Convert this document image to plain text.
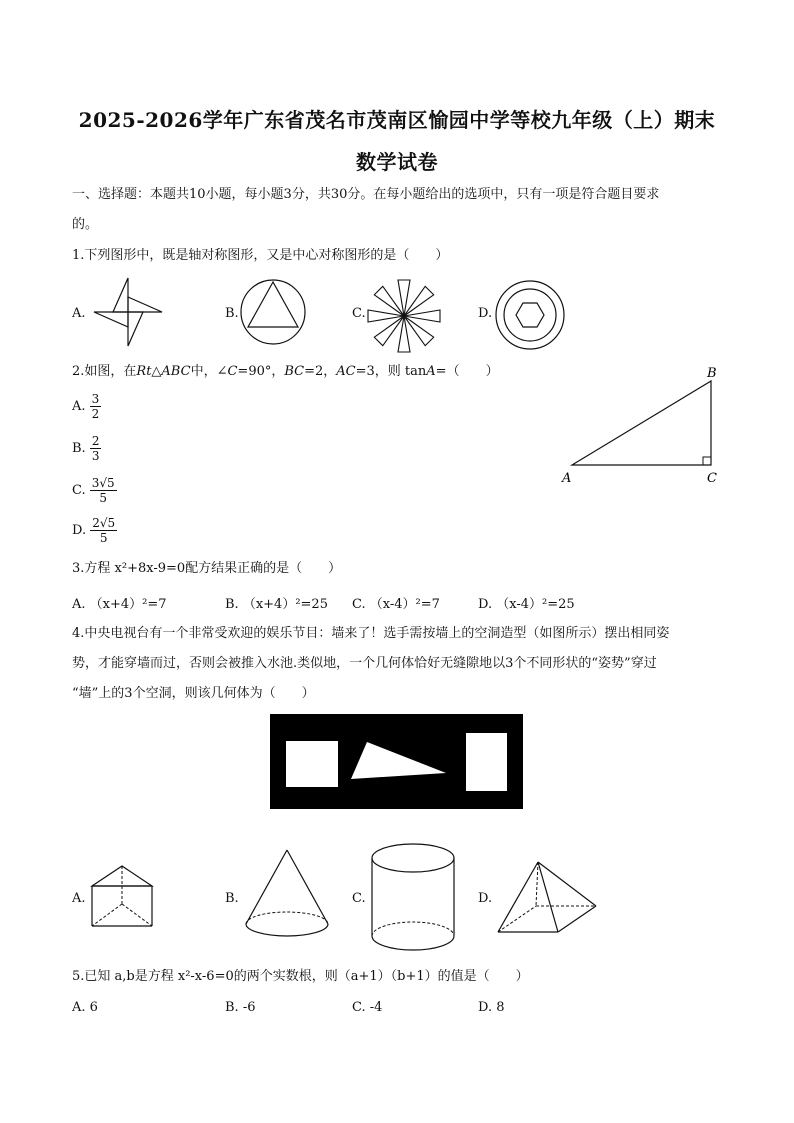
2025-2026学年广东省茂名市茂南区愉园中学等校九年级（上）期末
数学试卷
一、选择题：本题共10小题，每小题3分，共30分。在每小题给出的选项中，只有一项是符合题目要求
的。
1.下列图形中，既是轴对称图形，又是中心对称图形的是（　　）
A.	B.	C.	D.
2.如图，在Rt△ABC中，∠C=90°，BC=2，AC=3，则 tanA=（　　）
A. $\frac{3}{2}$
B. $\frac{2}{3}$
C. $\frac{3√5}{5}$
D. $\frac{2√5}{5}$
A
B
C
3.方程 x²+8x-9=0配方结果正确的是（　　）
A. （x+4）²=7	B. （x+4）²=25 C. （x-4）²=7	D. （x-4）²=25
4.中央电视台有一个非常受欢迎的娱乐节目：墙来了！选手需按墙上的空洞造型（如图所示）摆出相同姿
势，才能穿墙而过，否则会被推入水池.类似地，一个几何体恰好无缝隙地以3个不同形状的“姿势”穿过
“墙”上的3个空洞，则该几何体为（　　）
A.	B.	C.	D.
5.已知 a,b是方程 x²-x-6=0的两个实数根，则（a+1）（b+1）的值是（　　）
A. 6	B. -6	C. -4	D. 8
